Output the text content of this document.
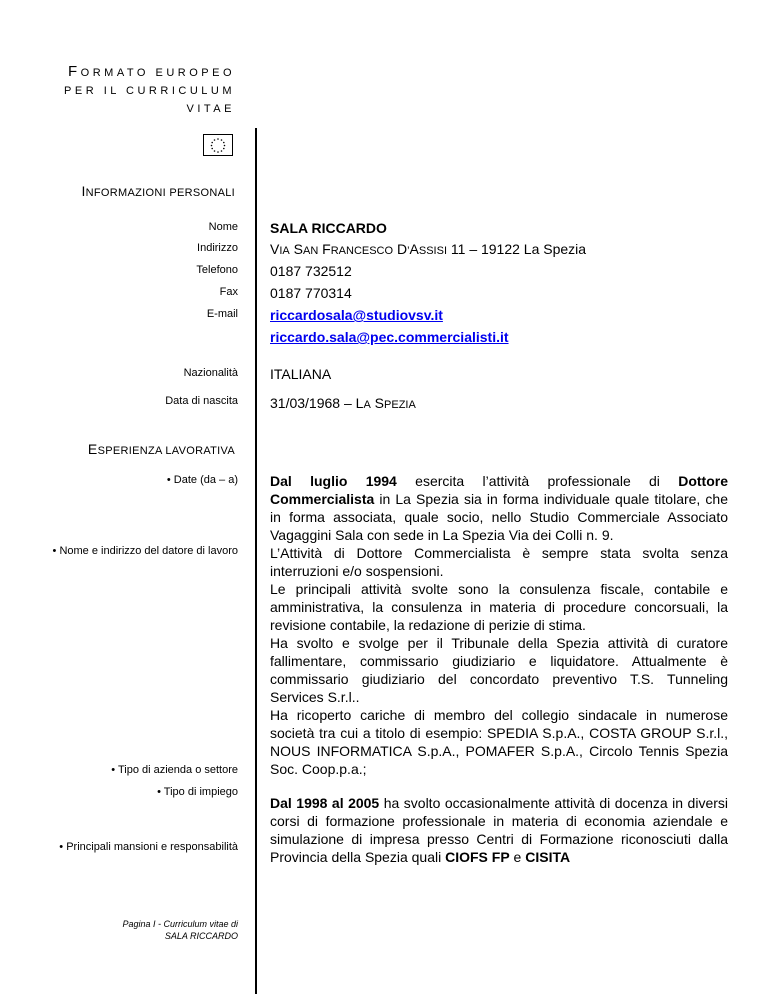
FORMATO EUROPEO
PER IL CURRICULUM
VITAE
INFORMAZIONI PERSONALI
Nome SALA RICCARDO
Indirizzo VIA SAN FRANCESCO D’ASSISI 11 – 19122 La Spezia
Telefono 0187 732512
Fax 0187 770314
E-mail riccardosala@studiovsv.it
riccardo.sala@pec.commercialisti.it
Nazionalità ITALIANA
Data di nascita 31/03/1968 – LA SPEZIA
ESPERIENZA LAVORATIVA
• Date (da – a)
• Nome e indirizzo del datore di lavoro
• Tipo di azienda o settore
• Tipo di impiego
• Principali mansioni e responsabilità

Dal luglio 1994 esercita l’attività professionale di Dottore Commercialista in La Spezia sia in forma individuale quale titolare, che in forma associata, quale socio, nello Studio Commerciale Associato Vagaggini Sala con sede in La Spezia Via dei Colli n. 9.

L’Attività di Dottore Commercialista è sempre stata svolta senza interruzioni e/o sospensioni.

Le principali attività svolte sono la consulenza fiscale, contabile e amministrativa, la consulenza in materia di procedure concorsuali, la revisione contabile, la redazione di perizie di stima.

Ha svolto e svolge per il Tribunale della Spezia attività di curatore fallimentare, commissario giudiziario e liquidatore. Attualmente è commissario giudiziario del concordato preventivo T.S. Tunneling Services S.r.l..

Ha ricoperto cariche di membro del collegio sindacale in numerose società tra cui a titolo di esempio: SPEDIA S.p.A., COSTA GROUP S.r.l., NOUS INFORMATICA S.p.A., POMAFER S.p.A., Circolo Tennis Spezia Soc. Coop.p.a.;

Dal 1998 al 2005 ha svolto occasionalmente attività di docenza in diversi corsi di formazione professionale in materia di economia aziendale e simulazione di impresa presso Centri di Formazione riconosciuti dalla Provincia della Spezia quali CIOFS FP e CISITA

Pagina I - Curriculum vitae di
SALA RICCARDO
